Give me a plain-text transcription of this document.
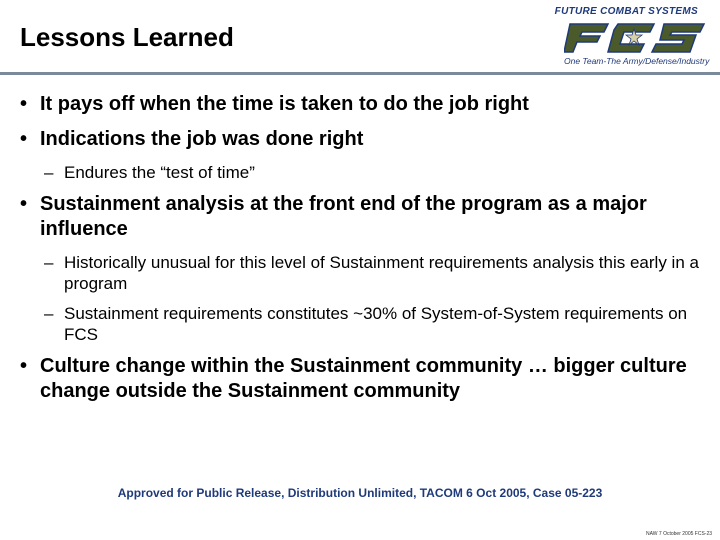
Lessons Learned
FUTURE COMBAT SYSTEMS
One Team-The Army/Defense/Industry
• It pays off when the time is taken to do the job right
• Indications the job was done right
– Endures the “test of time”
• Sustainment analysis at the front end of the program as a major influence
– Historically unusual for this level of Sustainment requirements analysis this early in a program
– Sustainment requirements constitutes ~30% of System-of-System requirements on FCS
• Culture change within the Sustainment community … bigger culture change outside the Sustainment community
Approved for Public Release, Distribution Unlimited, TACOM 6 Oct 2005, Case 05-223
NAW 7 October 2005 FCS-23
